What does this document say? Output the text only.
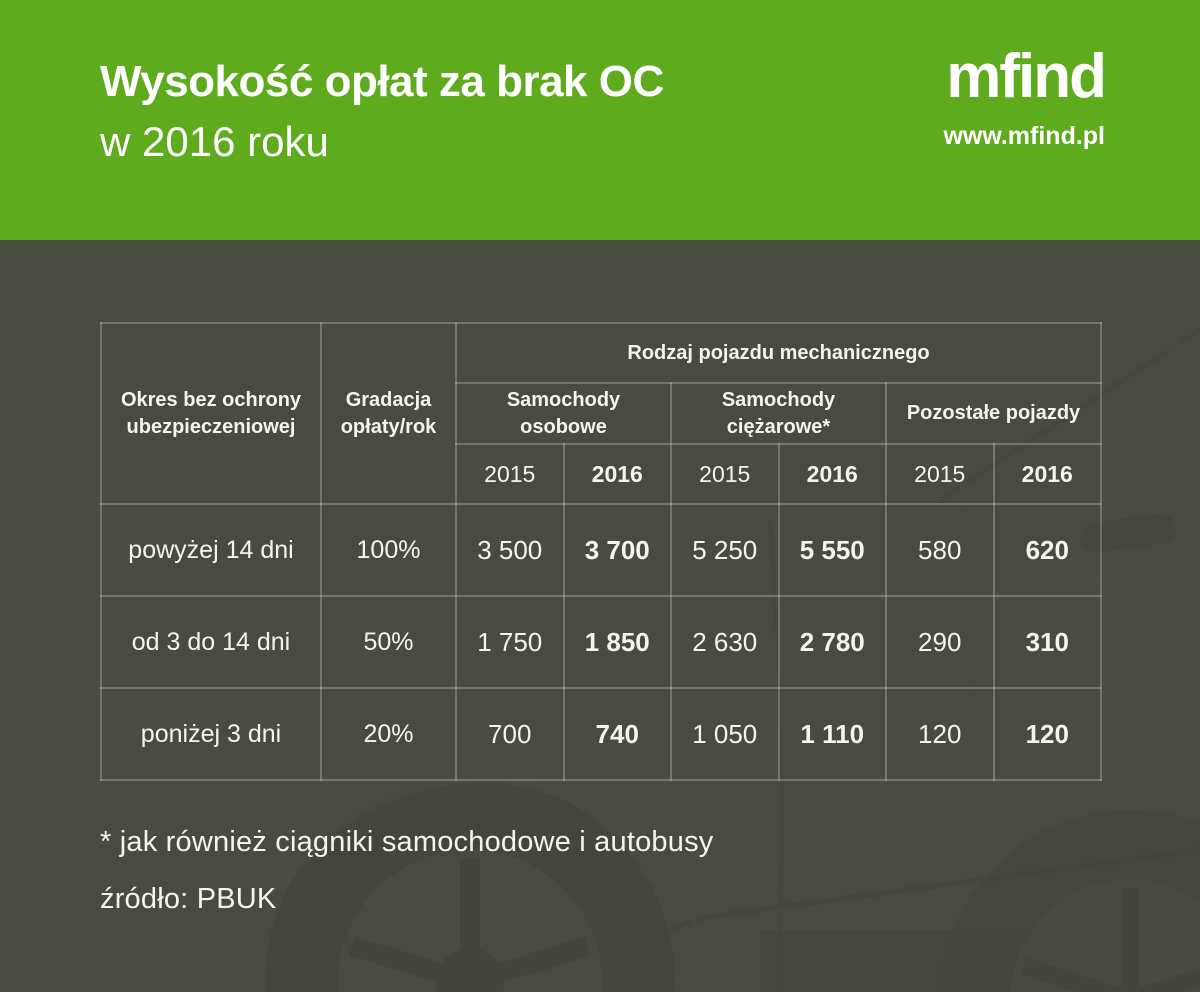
Wysokość opłat za brak OC
w 2016 roku
mfind
www.mfind.pl
Okres bez ochrony ubezpieczeniowej	Gradacja opłaty/rok	Rodzaj pojazdu mechanicznego					
		Samochody osobowe		Samochody ciężarowe*		Pozostałe pojazdy	
		2015	2016	2015	2016	2015	2016
powyżej 14 dni	100%	3 500	3 700	5 250	5 550	580	620
od 3 do 14 dni	50%	1 750	1 850	2 630	2 780	290	310
poniżej 3 dni	20%	700	740	1 050	1 110	120	120
* jak również ciągniki samochodowe i autobusy
źródło: PBUK
